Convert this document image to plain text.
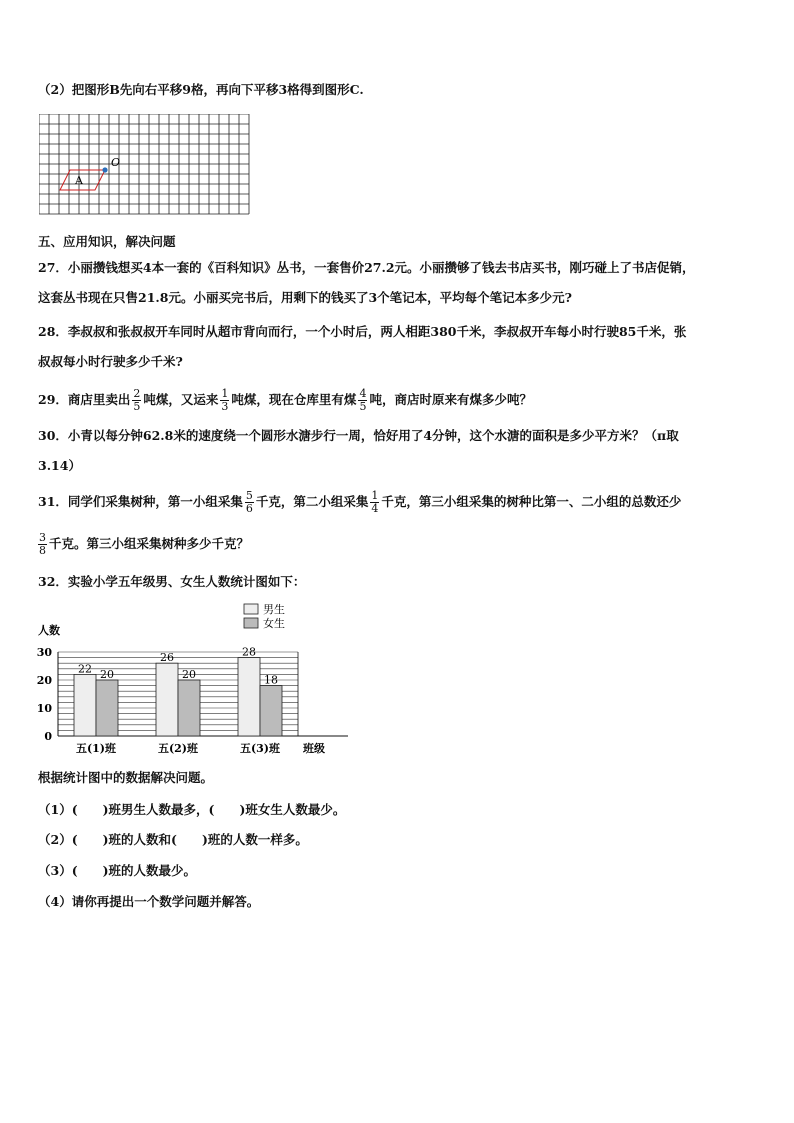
（2）把图形B先向右平移9格，再向下平移3格得到图形C.

O
A

五、应用知识，解决问题

27．小丽攒钱想买4本一套的《百科知识》丛书，一套售价27.2元。小丽攒够了钱去书店买书，刚巧碰上了书店促销，

这套丛书现在只售21.8元。小丽买完书后，用剩下的钱买了3个笔记本，平均每个笔记本多少元?

28．李叔叔和张叔叔开车同时从超市背向而行，一个小时后，两人相距380千米，李叔叔开车每小时行驶85千米，张

叔叔每小时行驶多少千米?

29．商店里卖出 $\frac{2}{5}$ 吨煤，又运来 $\frac{1}{3}$ 吨煤，现在仓库里有煤 $\frac{4}{5}$ 吨，商店时原来有煤多少吨？

30．小青以每分钟62.8米的速度绕一个圆形水溏步行一周，恰好用了4分钟，这个水溏的面积是多少平方米？（π取

3.14）

31．同学们采集树种，第一小组采集 $\frac{5}{6}$ 千克，第二小组采集 $\frac{1}{4}$ 千克，第三小组采集的树种比第一、二小组的总数还少

$\frac{3}{8}$ 千克。第三小组采集树种多少千克？

32．实验小学五年级男、女生人数统计图如下：

男生
女生
0
10
20
30
人数
22 20
五(1)班
26
20
五(2)班
28
18
五(3)班 班级

根据统计图中的数据解决问题。

（1）(　　)班男生人数最多，(　　)班女生人数最少。

（2）(　　)班的人数和(　　)班的人数一样多。

（3）(　　)班的人数最少。

（4）请你再提出一个数学问题并解答。
